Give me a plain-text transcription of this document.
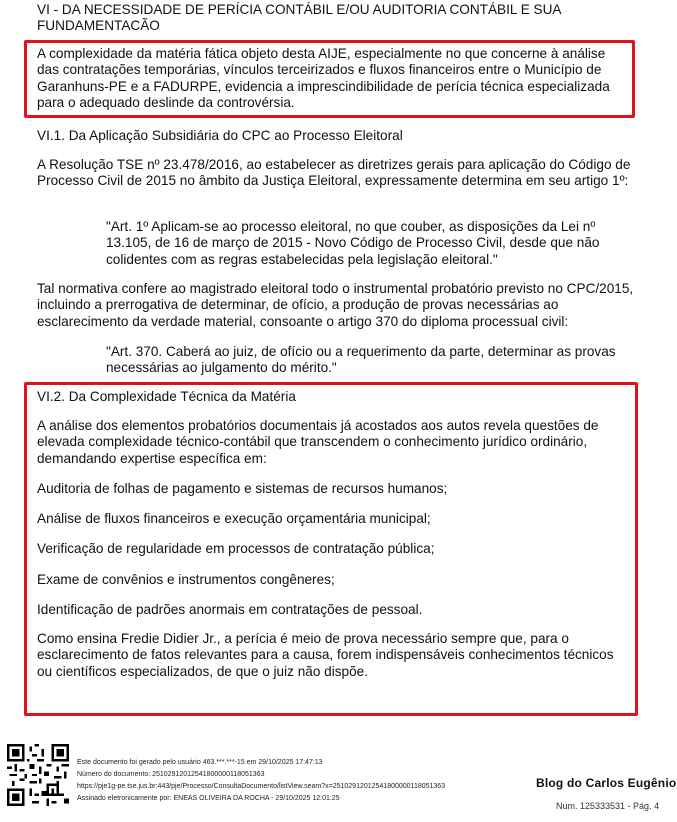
VI - DA NECESSIDADE DE PERÍCIA CONTÁBIL E/OU AUDITORIA CONTÁBIL E SUA FUNDAMENTACÃO

A complexidade da matéria fática objeto desta AIJE, especialmente no que concerne à análise das contratações temporárias, vínculos terceirizados e fluxos financeiros entre o Município de Garanhuns-PE e a FADURPE, evidencia a imprescindibilidade de perícia técnica especializada para o adequado deslinde da controvérsia.

VI.1. Da Aplicação Subsidiária do CPC ao Processo Eleitoral

A Resolução TSE nº 23.478/2016, ao estabelecer as diretrizes gerais para aplicação do Código de Processo Civil de 2015 no âmbito da Justiça Eleitoral, expressamente determina em seu artigo 1º:

"Art. 1º Aplicam-se ao processo eleitoral, no que couber, as disposições da Lei nº 13.105, de 16 de março de 2015 - Novo Código de Processo Civil, desde que não colidentes com as regras estabelecidas pela legislação eleitoral."

Tal normativa confere ao magistrado eleitoral todo o instrumental probatório previsto no CPC/2015, incluindo a prerrogativa de determinar, de ofício, a produção de provas necessárias ao esclarecimento da verdade material, consoante o artigo 370 do diploma processual civil:

"Art. 370. Caberá ao juiz, de ofício ou a requerimento da parte, determinar as provas necessárias ao julgamento do mérito."

VI.2. Da Complexidade Técnica da Matéria

A análise dos elementos probatórios documentais já acostados aos autos revela questões de elevada complexidade técnico-contábil que transcendem o conhecimento jurídico ordinário, demandando expertise específica em:

Auditoria de folhas de pagamento e sistemas de recursos humanos;

Análise de fluxos financeiros e execução orçamentária municipal;

Verificação de regularidade em processos de contratação pública;

Exame de convênios e instrumentos congêneres;

Identificação de padrões anormais em contratações de pessoal.

Como ensina Fredie Didier Jr., a perícia é meio de prova necessário sempre que, para o esclarecimento de fatos relevantes para a causa, forem indispensáveis conhecimentos técnicos ou científicos especializados, de que o juiz não dispõe.

Este documento foi gerado pelo usuário 463.***.***-15 em 29/10/2025 17:47:13
Número do documento: 25102912012541800000118051363
https://pje1g-pe.tse.jus.br:443/pje/Processo/ConsultaDocumento/listView.seam?x=25102912012541800000118051363
Assinado eletronicamente por: ENEAS OLIVEIRA DA ROCHA - 29/10/2025 12:01:25
Blog do Carlos Eugênio
Num. 125333531 - Pág. 4
